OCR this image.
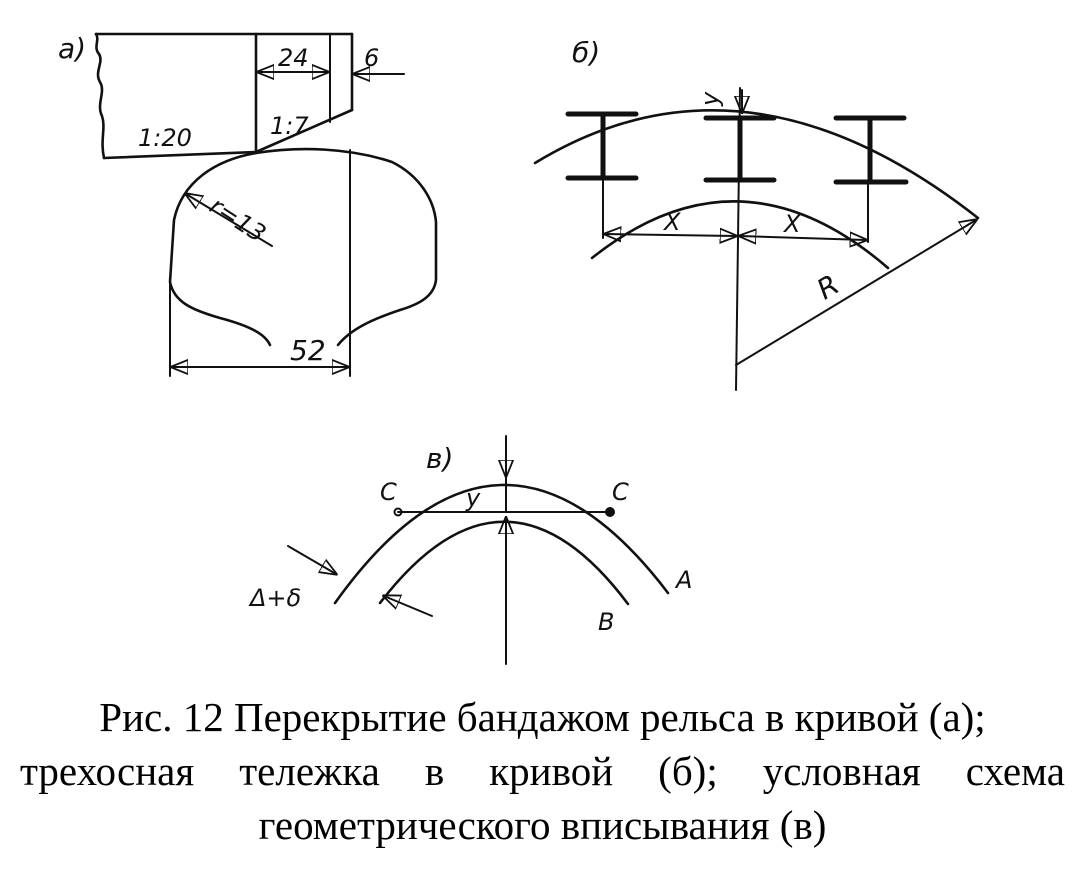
а)	24 6
1:20	1:7
r=13
52
б)
y
X	X
R
в)
C	C
y
A
B
Δ+δ
Рис. 12 Перекрытие бандажом рельса в кривой (а);
трехосная тележка в кривой (б); условная схема
геометрического вписывания (в)
